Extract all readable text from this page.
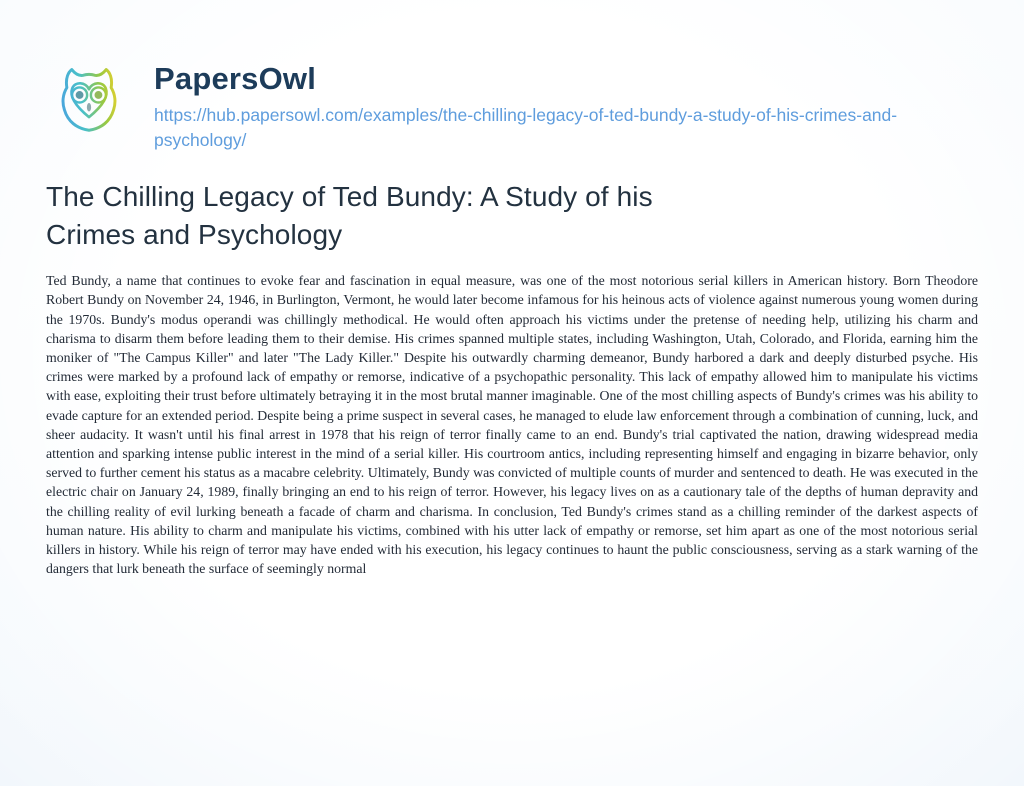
PapersOwl
https://hub.papersowl.com/examples/the-chilling-legacy-of-ted-bundy-a-study-of-his-crimes-and-psychology/
The Chilling Legacy of Ted Bundy: A Study of his Crimes and Psychology

Ted Bundy, a name that continues to evoke fear and fascination in equal measure, was one of the most notorious serial killers in American history. Born Theodore Robert Bundy on November 24, 1946, in Burlington, Vermont, he would later become infamous for his heinous acts of violence against numerous young women during the 1970s. Bundy's modus operandi was chillingly methodical. He would often approach his victims under the pretense of needing help, utilizing his charm and charisma to disarm them before leading them to their demise. His crimes spanned multiple states, including Washington, Utah, Colorado, and Florida, earning him the moniker of "The Campus Killer" and later "The Lady Killer." Despite his outwardly charming demeanor, Bundy harbored a dark and deeply disturbed psyche. His crimes were marked by a profound lack of empathy or remorse, indicative of a psychopathic personality. This lack of empathy allowed him to manipulate his victims with ease, exploiting their trust before ultimately betraying it in the most brutal manner imaginable. One of the most chilling aspects of Bundy's crimes was his ability to evade capture for an extended period. Despite being a prime suspect in several cases, he managed to elude law enforcement through a combination of cunning, luck, and sheer audacity. It wasn't until his final arrest in 1978 that his reign of terror finally came to an end. Bundy's trial captivated the nation, drawing widespread media attention and sparking intense public interest in the mind of a serial killer. His courtroom antics, including representing himself and engaging in bizarre behavior, only served to further cement his status as a macabre celebrity. Ultimately, Bundy was convicted of multiple counts of murder and sentenced to death. He was executed in the electric chair on January 24, 1989, finally bringing an end to his reign of terror. However, his legacy lives on as a cautionary tale of the depths of human depravity and the chilling reality of evil lurking beneath a facade of charm and charisma. In conclusion, Ted Bundy's crimes stand as a chilling reminder of the darkest aspects of human nature. His ability to charm and manipulate his victims, combined with his utter lack of empathy or remorse, set him apart as one of the most notorious serial killers in history. While his reign of terror may have ended with his execution, his legacy continues to haunt the public consciousness, serving as a stark warning of the dangers that lurk beneath the surface of seemingly normal
